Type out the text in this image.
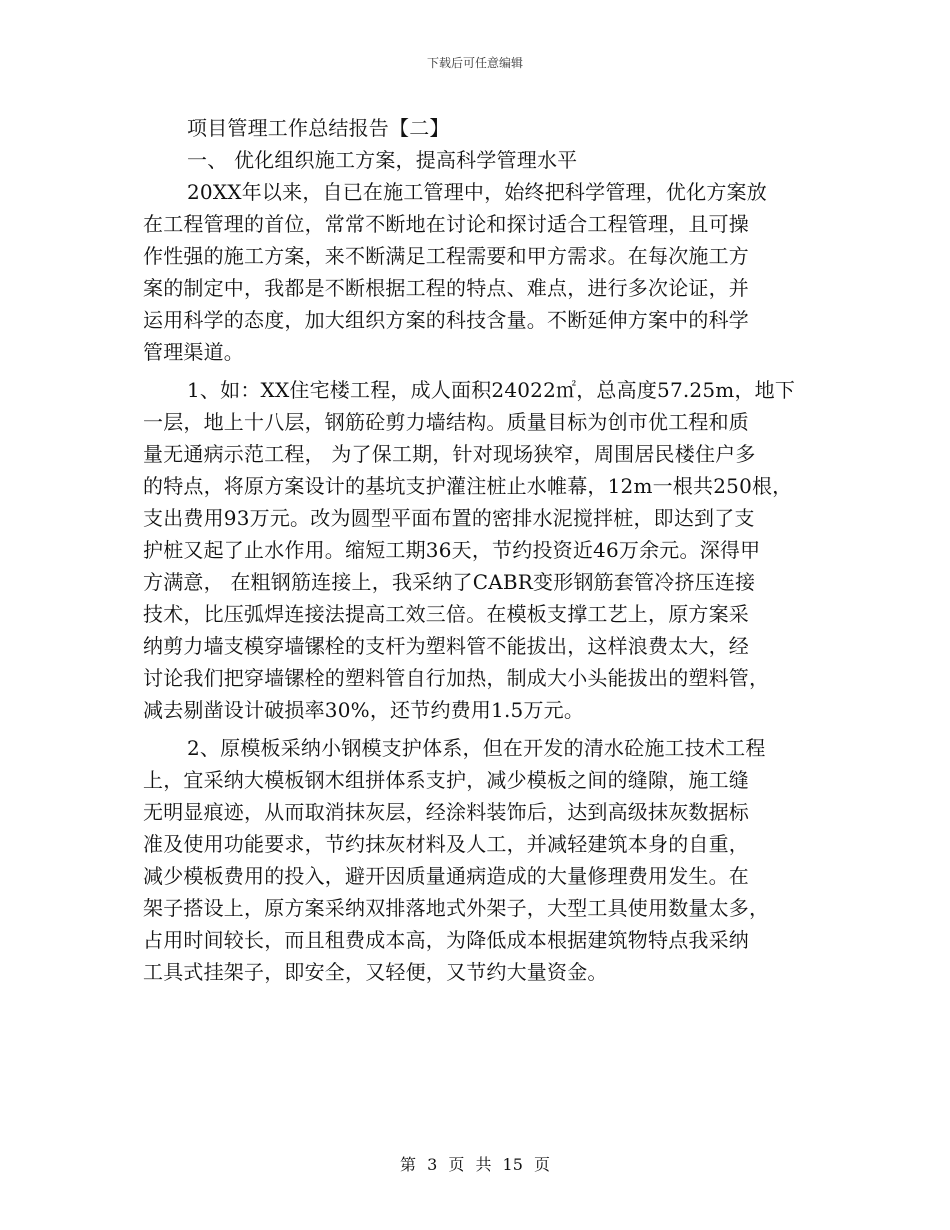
下载后可任意编辑
项目管理工作总结报告【二】
一、 优化组织施工方案，提高科学管理水平
20XX年以来，自已在施工管理中，始终把科学管理，优化方案放
在工程管理的首位，常常不断地在讨论和探讨适合工程管理，且可操
作性强的施工方案，来不断满足工程需要和甲方需求。在每次施工方
案的制定中，我都是不断根据工程的特点、难点，进行多次论证，并
运用科学的态度，加大组织方案的科技含量。不断延伸方案中的科学
管理渠道。
1、如：XX住宅楼工程，成人面积24022㎡，总高度57.25m，地下
一层，地上十八层，钢筋砼剪力墙结构。质量目标为创市优工程和质
量无通病示范工程， 为了保工期，针对现场狭窄，周围居民楼住户多
的特点，将原方案设计的基坑支护灌注桩止水帷幕，12m一根共250根，
支出费用93万元。改为圆型平面布置的密排水泥搅拌桩，即达到了支
护桩又起了止水作用。缩短工期36天，节约投资近46万余元。深得甲
方满意， 在粗钢筋连接上，我采纳了CABR变形钢筋套管冷挤压连接
技术，比压弧焊连接法提高工效三倍。在模板支撑工艺上，原方案采
纳剪力墙支模穿墙镙栓的支杆为塑料管不能拔出，这样浪费太大，经
讨论我们把穿墙镙栓的塑料管自行加热，制成大小头能拔出的塑料管，
减去剔凿设计破损率30%，还节约费用1.5万元。
2、原模板采纳小钢模支护体系，但在开发的清水砼施工技术工程
上，宜采纳大模板钢木组拼体系支护，减少模板之间的缝隙，施工缝
无明显痕迹，从而取消抹灰层，经涂料装饰后，达到高级抹灰数据标
准及使用功能要求，节约抹灰材料及人工，并减轻建筑本身的自重，
减少模板费用的投入，避开因质量通病造成的大量修理费用发生。在
架子搭设上，原方案采纳双排落地式外架子，大型工具使用数量太多，
占用时间较长，而且租费成本高，为降低成本根据建筑物特点我采纳
工具式挂架子，即安全，又轻便，又节约大量资金。
第 3 页 共 15 页
